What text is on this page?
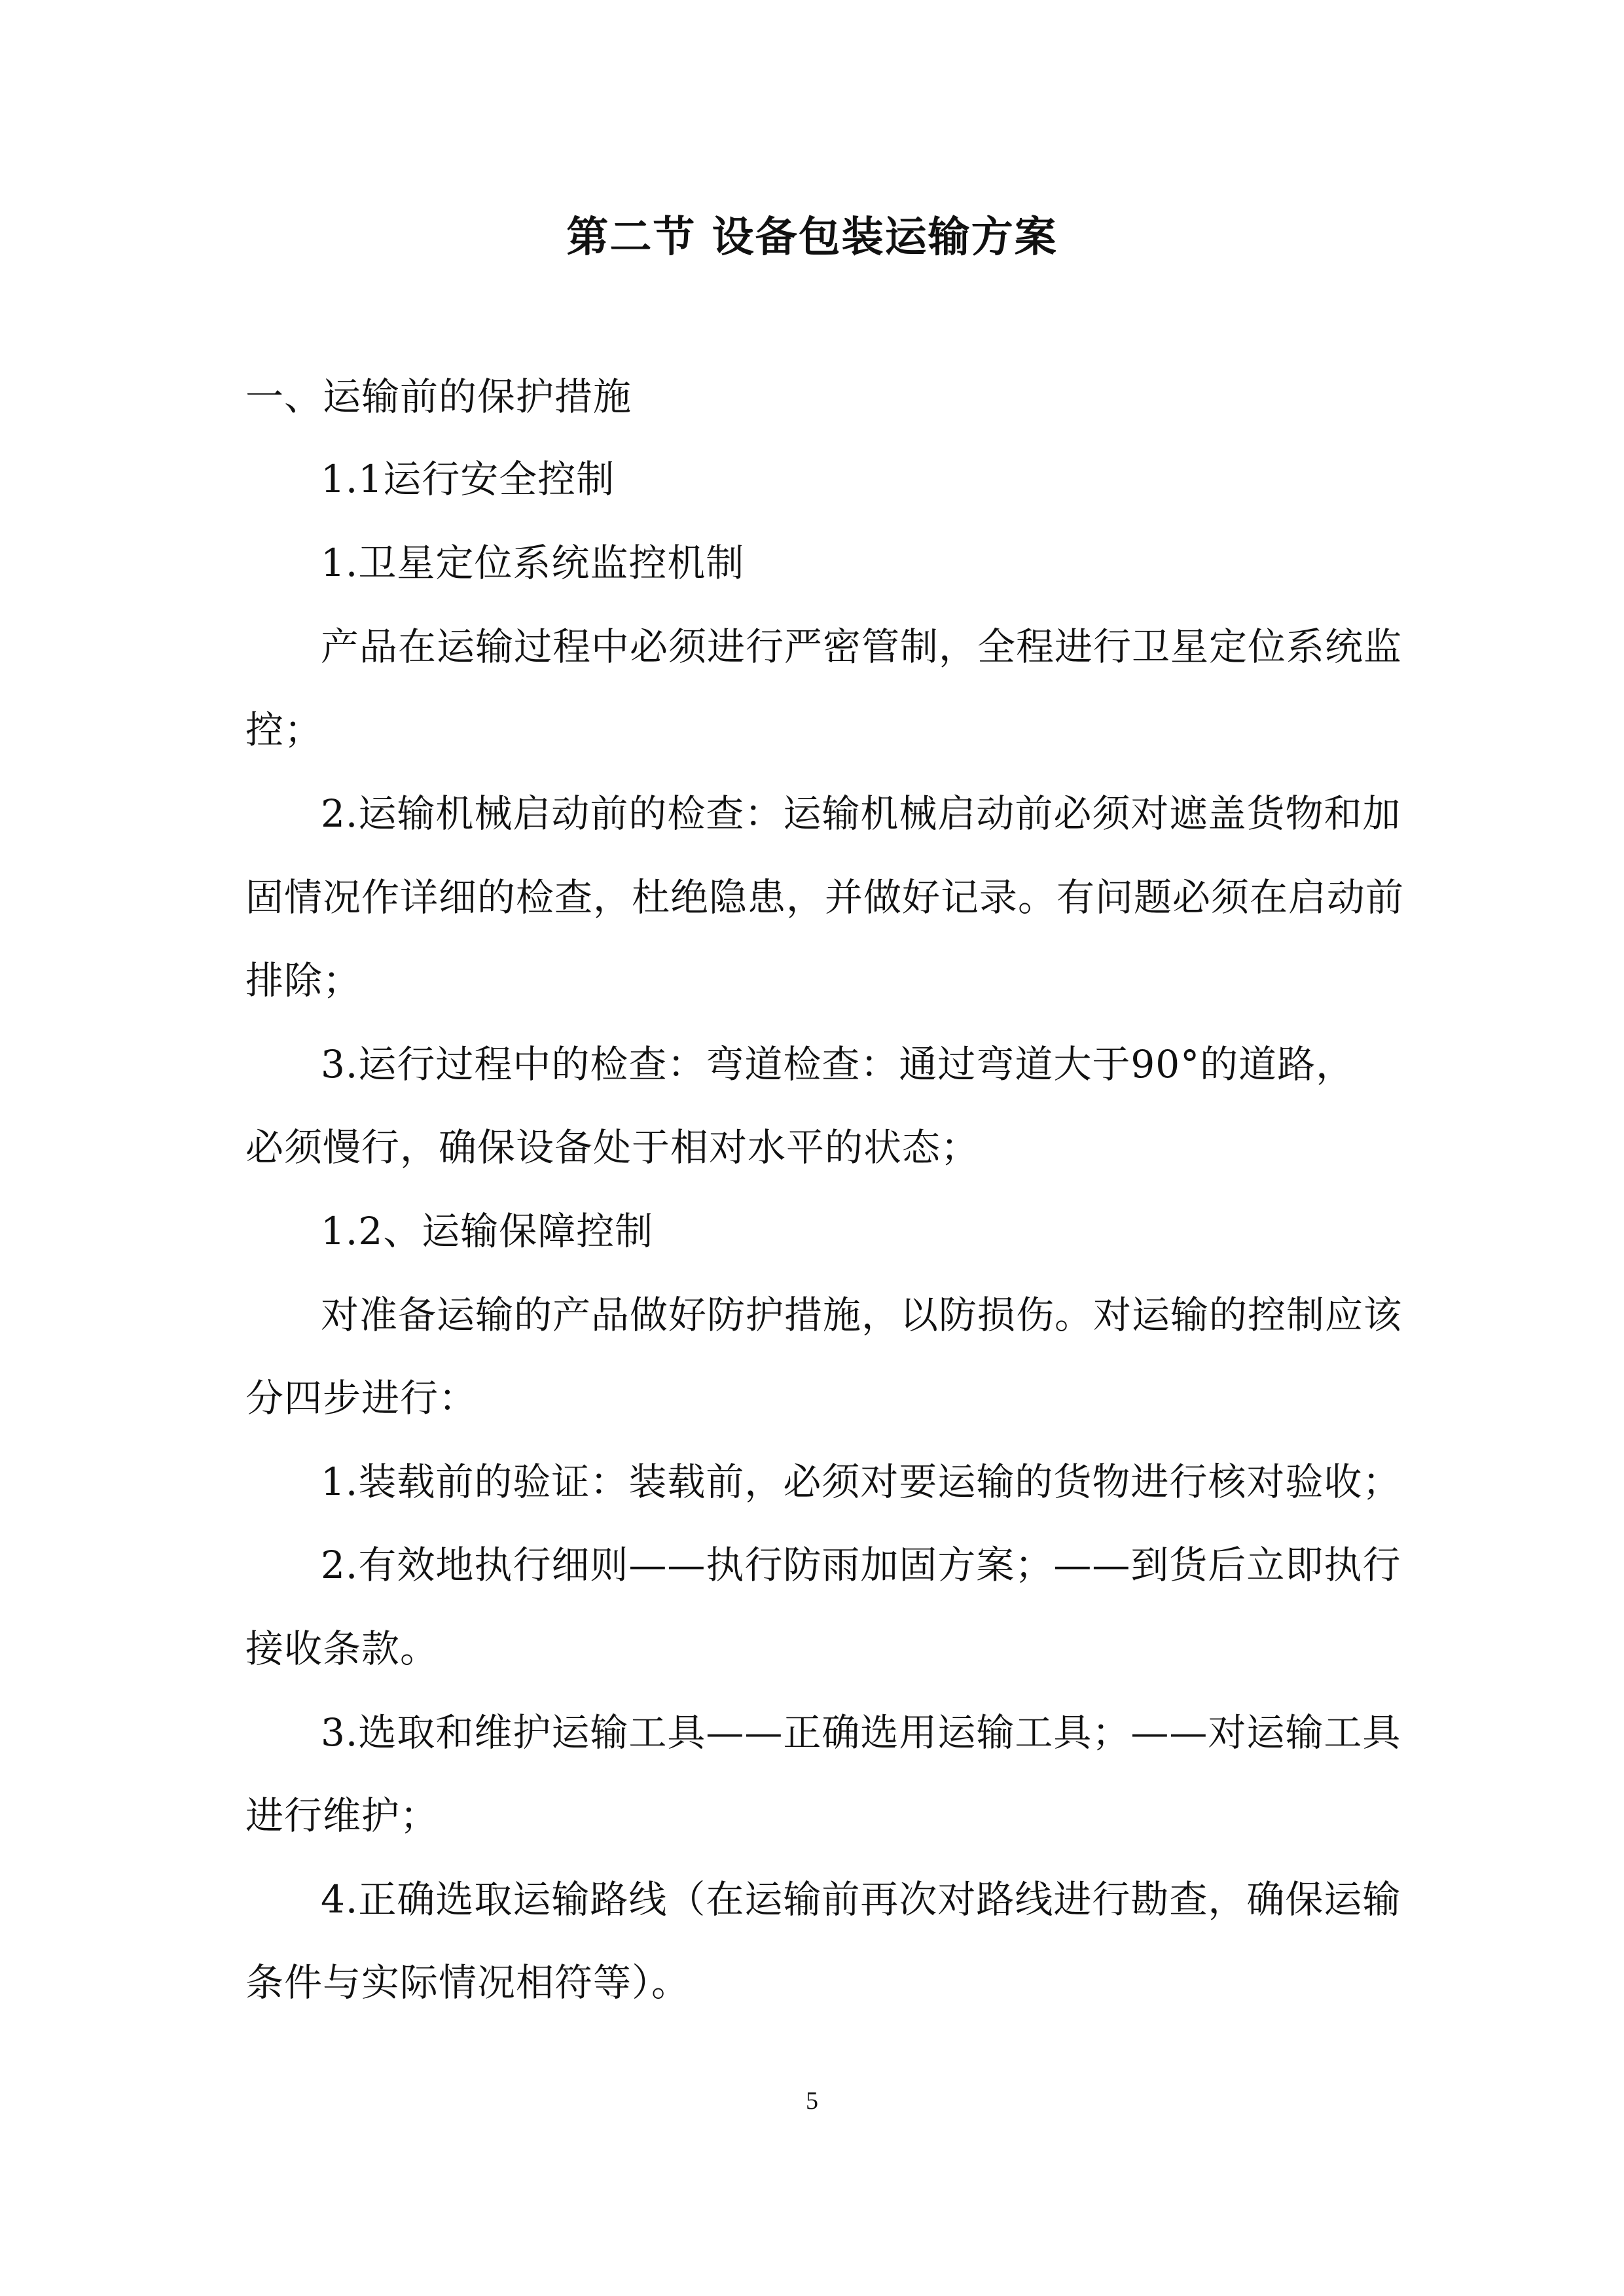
第二节 设备包装运输方案
一、运输前的保护措施
1.1运行安全控制
1.卫星定位系统监控机制
产品在运输过程中必须进行严密管制，全程进行卫星定位系统监
控；
2.运输机械启动前的检查：运输机械启动前必须对遮盖货物和加
固情况作详细的检查，杜绝隐患，并做好记录。有问题必须在启动前
排除；
3.运行过程中的检查：弯道检查：通过弯道大于90°的道路，
必须慢行，确保设备处于相对水平的状态；
1.2、运输保障控制
对准备运输的产品做好防护措施，以防损伤。对运输的控制应该
分四步进行：
1.装载前的验证：装载前，必须对要运输的货物进行核对验收；
2.有效地执行细则——执行防雨加固方案；——到货后立即执行
接收条款。
3.选取和维护运输工具——正确选用运输工具；——对运输工具
进行维护；
4.正确选取运输路线（在运输前再次对路线进行勘查，确保运输
条件与实际情况相符等）。
5
